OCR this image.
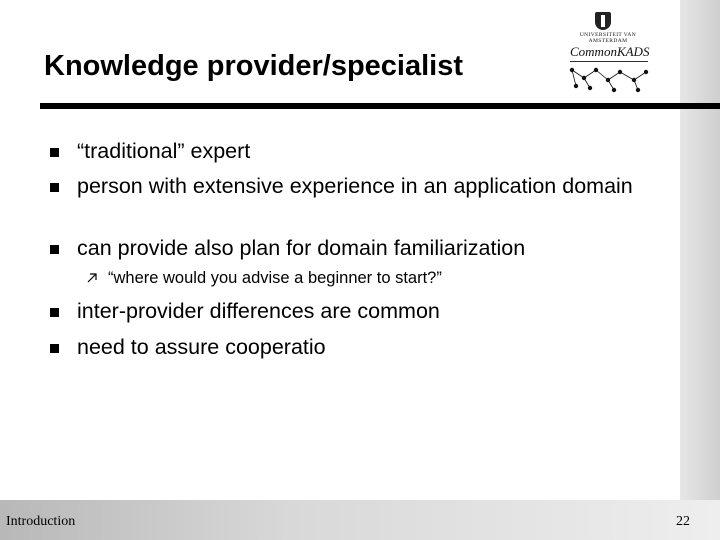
Knowledge provider/specialist
UNIVERSITEIT VAN AMSTERDAM
CommonKADS
“traditional” expert
person with extensive experience in an application domain
can provide also plan for domain familiarization
“where would you advise a beginner to start?”
inter-provider differences are common
need to assure cooperatio
Introduction	22
